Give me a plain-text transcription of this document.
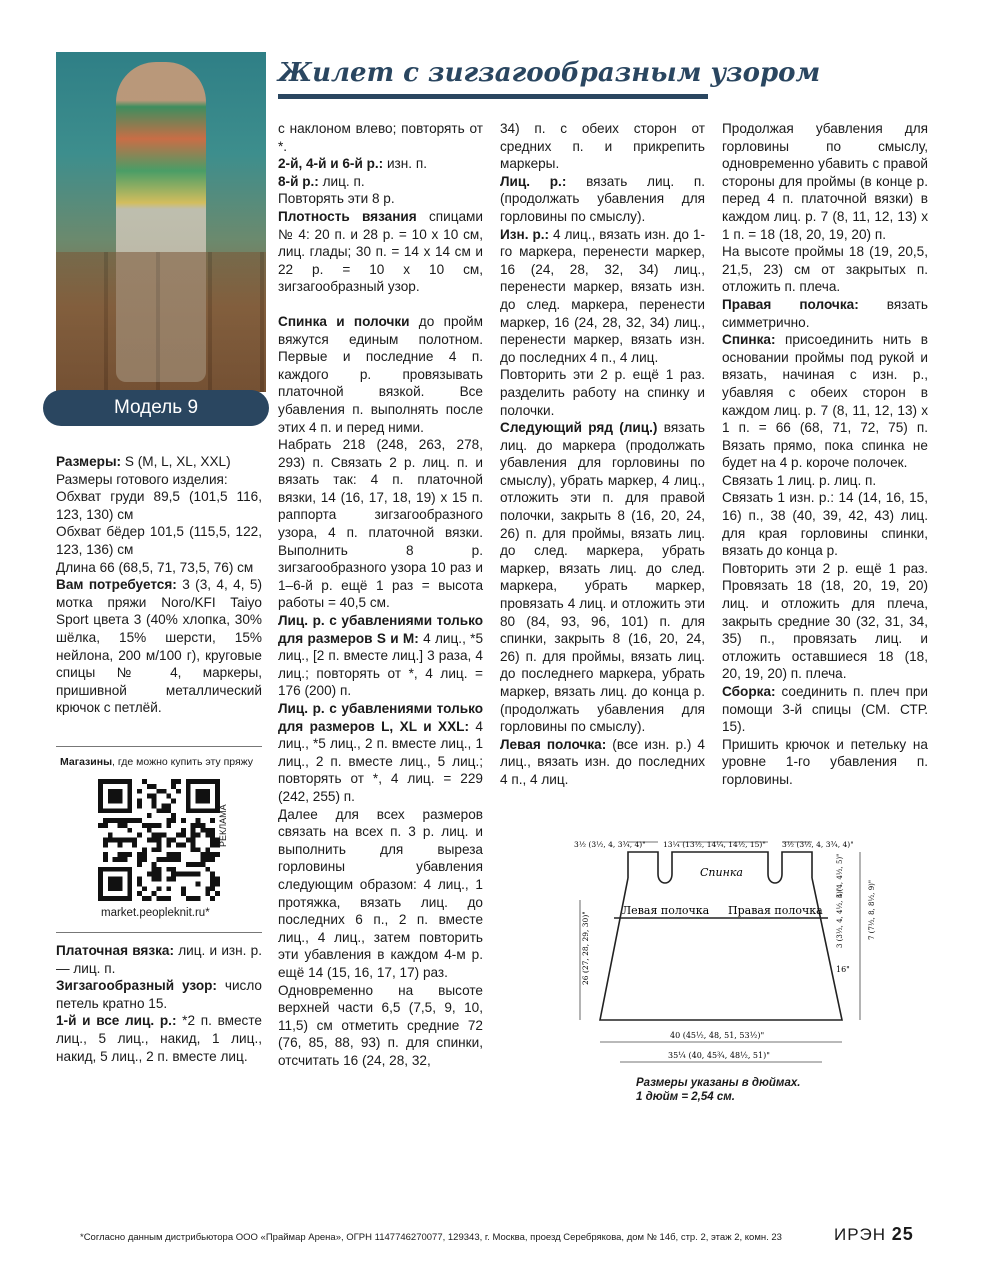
Модель 9
Жилет с зигзагообразным узором

Размеры: S (M, L, XL, XXL)

Размеры готового изделия:

Обхват груди 89,5 (101,5 116, 123, 130) см

Обхват бёдер 101,5 (115,5, 122, 123, 136) см

Длина 66 (68,5, 71, 73,5, 76) см

Вам потребуется: 3 (3, 4, 4, 5) мотка пряжи Noro/KFI Taiyo Sport цвета 3 (40% хлопка, 30% шёлка, 15% шерсти, 15% нейлона, 200 м/100 г), круговые спицы № 4, маркеры, пришивной металлический крючок с петлёй.

Магазины, где можно купить эту пряжу
РЕКЛАМА
market.peopleknit.ru*

Платочная вязка: лиц. и изн. р. — лиц. п.

Зигзагообразный узор: число петель кратно 15.

1-й и все лиц. р.: *2 п. вместе лиц., 5 лиц., накид, 1 лиц., накид, 5 лиц., 2 п. вместе лиц.

с наклоном влево; повторять от *.

2-й, 4-й и 6-й р.: изн. п.

8-й р.: лиц. п.

Повторять эти 8 р.

Плотность вязания спицами № 4: 20 п. и 28 р. = 10 x 10 см, лиц. глады; 30 п. = 14 x 14 см и 22 р. = 10 x 10 см, зигзагообразный узор.

Спинка и полочки до пройм вяжутся единым полотном. Первые и последние 4 п. каждого р. провязывать платочной вязкой. Все убавления п. выполнять после этих 4 п. и перед ними.

Набрать 218 (248, 263, 278, 293) п. Связать 2 р. лиц. п. и вязать так: 4 п. платочной вязки, 14 (16, 17, 18, 19) x 15 п. раппорта зигзагообразного узора, 4 п. платочной вязки. Выполнить 8 р. зигзагообразного узора 10 раз и 1–6-й р. ещё 1 раз = высота работы = 40,5 см.

Лиц. р. с убавлениями только для размеров S и M: 4 лиц., *5 лиц., [2 п. вместе лиц.] 3 раза, 4 лиц.; повторять от *, 4 лиц. = 176 (200) п.

Лиц. р. с убавлениями только для размеров L, XL и XXL: 4 лиц., *5 лиц., 2 п. вместе лиц., 1 лиц., 2 п. вместе лиц., 5 лиц.; повторять от *, 4 лиц. = 229 (242, 255) п.

Далее для всех размеров связать на всех п. 3 р. лиц. и выполнить для выреза горловины убавления следующим образом: 4 лиц., 1 протяжка, вязать лиц. до последних 6 п., 2 п. вместе лиц., 4 лиц., затем повторить эти убавления в каждом 4-м р. ещё 14 (15, 16, 17, 17) раз.

Одновременно на высоте верхней части 6,5 (7,5, 9, 10, 11,5) см отметить средние 72 (76, 85, 88, 93) п. для спинки, отсчитать 16 (24, 28, 32,

34) п. с обеих сторон от средних п. и прикрепить маркеры.

Лиц. р.: вязать лиц. п. (продолжать убавления для горловины по смыслу).

Изн. р.: 4 лиц., вязать изн. до 1-го маркера, перенести маркер, 16 (24, 28, 32, 34) лиц., перенести маркер, вязать изн. до след. маркера, перенести маркер, 16 (24, 28, 32, 34) лиц., перенести маркер, вязать изн. до последних 4 п., 4 лиц.

Повторить эти 2 р. ещё 1 раз. разделить работу на спинку и полочки.

Следующий ряд (лиц.) вязать лиц. до маркера (продолжать убавления для горловины по смыслу), убрать маркер, 4 лиц., отложить эти п. для правой полочки, закрыть 8 (16, 20, 24, 26) п. для проймы, вязать лиц. до след. маркера, убрать маркер, вязать лиц. до след. маркера, убрать маркер, провязать 4 лиц. и отложить эти 80 (84, 93, 96, 101) п. для спинки, закрыть 8 (16, 20, 24, 26) п. для проймы, вязать лиц. до последнего маркера, убрать маркер, вязать лиц. до конца р. (продолжать убавления для горловины по смыслу).

Левая полочка: (все изн. р.) 4 лиц., вязать изн. до последних 4 п., 4 лиц.

Продолжая убавления для горловины по смыслу, одновременно убавить с правой стороны для проймы (в конце р. перед 4 п. платочной вязки) в каждом лиц. р. 7 (8, 11, 12, 13) x 1 п. = 18 (18, 20, 19, 20) п.

На высоте проймы 18 (19, 20,5, 21,5, 23) см от закрытых п. отложить п. плеча.

Правая полочка: вязать симметрично.

Спинка: присоединить нить в основании проймы под рукой и вязать, начиная с изн. р., убавляя с обеих сторон в каждом лиц. р. 7 (8, 11, 12, 13) x 1 п. = 66 (68, 71, 72, 75) п. Вязать прямо, пока спинка не будет на 4 р. короче полочек.

Связать 1 лиц. р. лиц. п.

Связать 1 изн. р.: 14 (14, 16, 15, 16) п., 38 (40, 39, 42, 43) лиц. для края горловины спинки, вязать до конца р.

Повторить эти 2 р. ещё 1 раз. Провязать 18 (18, 20, 19, 20) лиц. и отложить для плеча, закрыть средние 30 (32, 31, 34, 35) п., провязать лиц. и отложить оставшиеся 18 (18, 20, 19, 20) п. плеча.

Сборка: соединить п. плеч при помощи 3-й спицы (СМ. СТР. 15).

Пришить крючок и петельку на уровне 1-го убавления п. горловины.

3½ (3½, 4, 3¾, 4)" 13¼ (13½, 14¼, 14½, 15)" 3½ (3½, 4, 3¾, 4)"
Спинка
Левая полочка Правая полочка
26 (27, 28, 29, 30)"
4 (4, 4½, 5)"
7 (7½, 8, 8½, 9)"
3 (3½, 4, 4½, 5)"
16"
40 (45½, 48, 51, 53½)"
35¼ (40, 45¾, 48½, 51)"
Размеры указаны в дюймах.
1 дюйм = 2,54 см.
*Согласно данным дистрибьютора ООО «Праймар Арена», ОГРН 1147746270077, 129343, г. Москва, проезд Серебрякова, дом № 14б, стр. 2, этаж 2, комн. 23	ИРЭН 25
